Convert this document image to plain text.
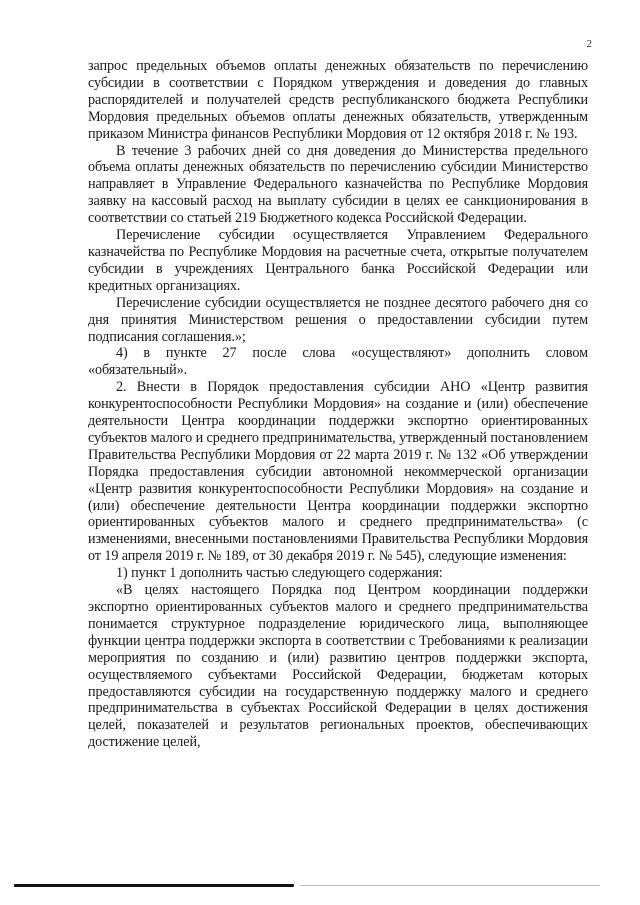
2

запрос предельных объемов оплаты денежных обязательств по перечислению субсидии в соответствии с Порядком утверждения и доведения до главных распорядителей и получателей средств республиканского бюджета Республики Мордовия предельных объемов оплаты денежных обязательств, утвержденным приказом Министра финансов Республики Мордовия от 12 октября 2018 г. № 193.

В течение 3 рабочих дней со дня доведения до Министерства предельного объема оплаты денежных обязательств по перечислению субсидии Министерство направляет в Управление Федерального казначейства по Республике Мордовия заявку на кассовый расход на выплату субсидии в целях ее санкционирования в соответствии со статьей 219 Бюджетного кодекса Российской Федерации.

Перечисление субсидии осуществляется Управлением Федерального казначейства по Республике Мордовия на расчетные счета, открытые получателем субсидии в учреждениях Центрального банка Российской Федерации или кредитных организациях.

Перечисление субсидии осуществляется не позднее десятого рабочего дня со дня принятия Министерством решения о предоставлении субсидии путем подписания соглашения.»;

4) в пункте 27 после слова «осуществляют» дополнить словом «обязательный».

2. Внести в Порядок предоставления субсидии АНО «Центр развития конкурентоспособности Республики Мордовия» на создание и (или) обеспечение деятельности Центра координации поддержки экспортно ориентированных субъектов малого и среднего предпринимательства, утвержденный постановлением Правительства Республики Мордовия от 22 марта 2019 г. № 132 «Об утверждении Порядка предоставления субсидии автономной некоммерческой организации «Центр развития конкурентоспособности Республики Мордовия» на создание и (или) обеспечение деятельности Центра координации поддержки экспортно ориентированных субъектов малого и среднего предпринимательства» (с изменениями, внесенными постановлениями Правительства Республики Мордовия от 19 апреля 2019 г. № 189, от 30 декабря 2019 г. № 545), следующие изменения:

1) пункт 1 дополнить частью следующего содержания:

«В целях настоящего Порядка под Центром координации поддержки экспортно ориентированных субъектов малого и среднего предпринимательства понимается структурное подразделение юридического лица, выполняющее функции центра поддержки экспорта в соответствии с Требованиями к реализации мероприятия по созданию и (или) развитию центров поддержки экспорта, осуществляемого субъектами Российской Федерации, бюджетам которых предоставляются субсидии на государственную поддержку малого и среднего предпринимательства в субъектах Российской Федерации в целях достижения целей, показателей и результатов региональных проектов, обеспечивающих достижение целей,
